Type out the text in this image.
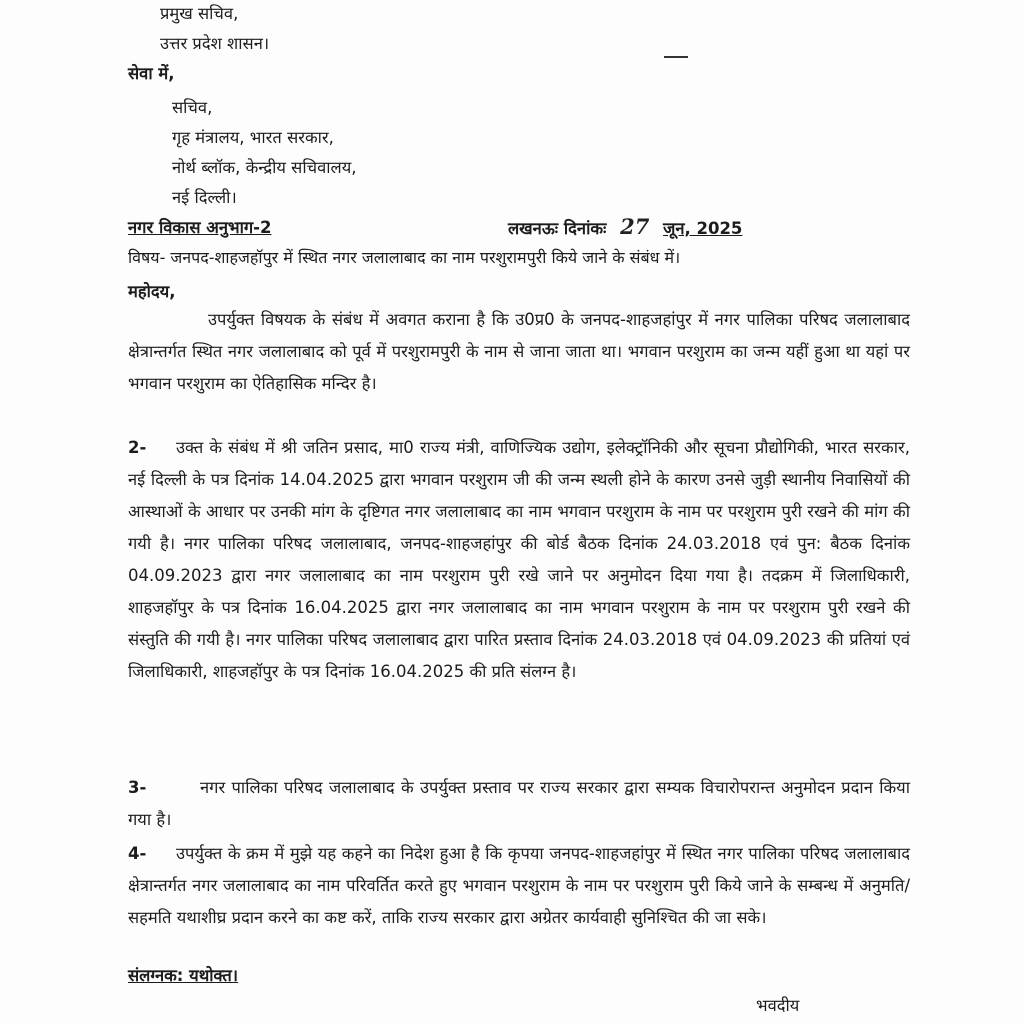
प्रमुख सचिव,
उत्तर प्रदेश शासन।
सेवा में,
सचिव,
गृह मंत्रालय, भारत सरकार,
नोर्थ ब्लॉक, केन्द्रीय सचिवालय,
नई दिल्ली।
नगर विकास अनुभाग-2	लखनऊः दिनांकः 27 जून, 2025
विषय- जनपद-शाहजहॉपुर में स्थित नगर जलालाबाद का नाम परशुरामपुरी किये जाने के संबंध में।
महोदय,
उपर्युक्त विषयक के संबंध में अवगत कराना है कि उ0प्र0 के जनपद-शाहजहांपुर में नगर पालिका परिषद जलालाबाद क्षेत्रान्तर्गत स्थित नगर जलालाबाद को पूर्व में परशुरामपुरी के नाम से जाना जाता था। भगवान परशुराम का जन्म यहीं हुआ था यहां पर भगवान परशुराम का ऐतिहासिक मन्दिर है।
2- उक्त के संबंध में श्री जतिन प्रसाद, मा0 राज्य मंत्री, वाणिज्यिक उद्योग, इलेक्ट्रॉनिकी और सूचना प्रौद्योगिकी, भारत सरकार, नई दिल्ली के पत्र दिनांक 14.04.2025 द्वारा भगवान परशुराम जी की जन्म स्थली होने के कारण उनसे जुड़ी स्थानीय निवासियों की आस्थाओं के आधार पर उनकी मांग के दृष्टिगत नगर जलालाबाद का नाम भगवान परशुराम के नाम पर परशुराम पुरी रखने की मांग की गयी है। नगर पालिका परिषद जलालाबाद, जनपद-शाहजहांपुर की बोर्ड बैठक दिनांक 24.03.2018 एवं पुन: बैठक दिनांक 04.09.2023 द्वारा नगर जलालाबाद का नाम परशुराम पुरी रखे जाने पर अनुमोदन दिया गया है। तदक्रम में जिलाधिकारी, शाहजहॉपुर के पत्र दिनांक 16.04.2025 द्वारा नगर जलालाबाद का नाम भगवान परशुराम के नाम पर परशुराम पुरी रखने की संस्तुति की गयी है। नगर पालिका परिषद जलालाबाद द्वारा पारित प्रस्ताव दिनांक 24.03.2018 एवं 04.09.2023 की प्रतियां एवं जिलाधिकारी, शाहजहॉपुर के पत्र दिनांक 16.04.2025 की प्रति संलग्न है।
3-	नगर पालिका परिषद जलालाबाद के उपर्युक्त प्रस्ताव पर राज्य सरकार द्वारा सम्यक विचारोपरान्त अनुमोदन प्रदान किया गया है।
4- उपर्युक्त के क्रम में मुझे यह कहने का निदेश हुआ है कि कृपया जनपद-शाहजहांपुर में स्थित नगर पालिका परिषद जलालाबाद क्षेत्रान्तर्गत नगर जलालाबाद का नाम परिवर्तित करते हुए भगवान परशुराम के नाम पर परशुराम पुरी किये जाने के सम्बन्ध में अनुमति/सहमति यथाशीघ्र प्रदान करने का कष्ट करें, ताकि राज्य सरकार द्वारा अग्रेतर कार्यवाही सुनिश्चित की जा सके।
संलग्नक: यथोक्त।
भवदीय
